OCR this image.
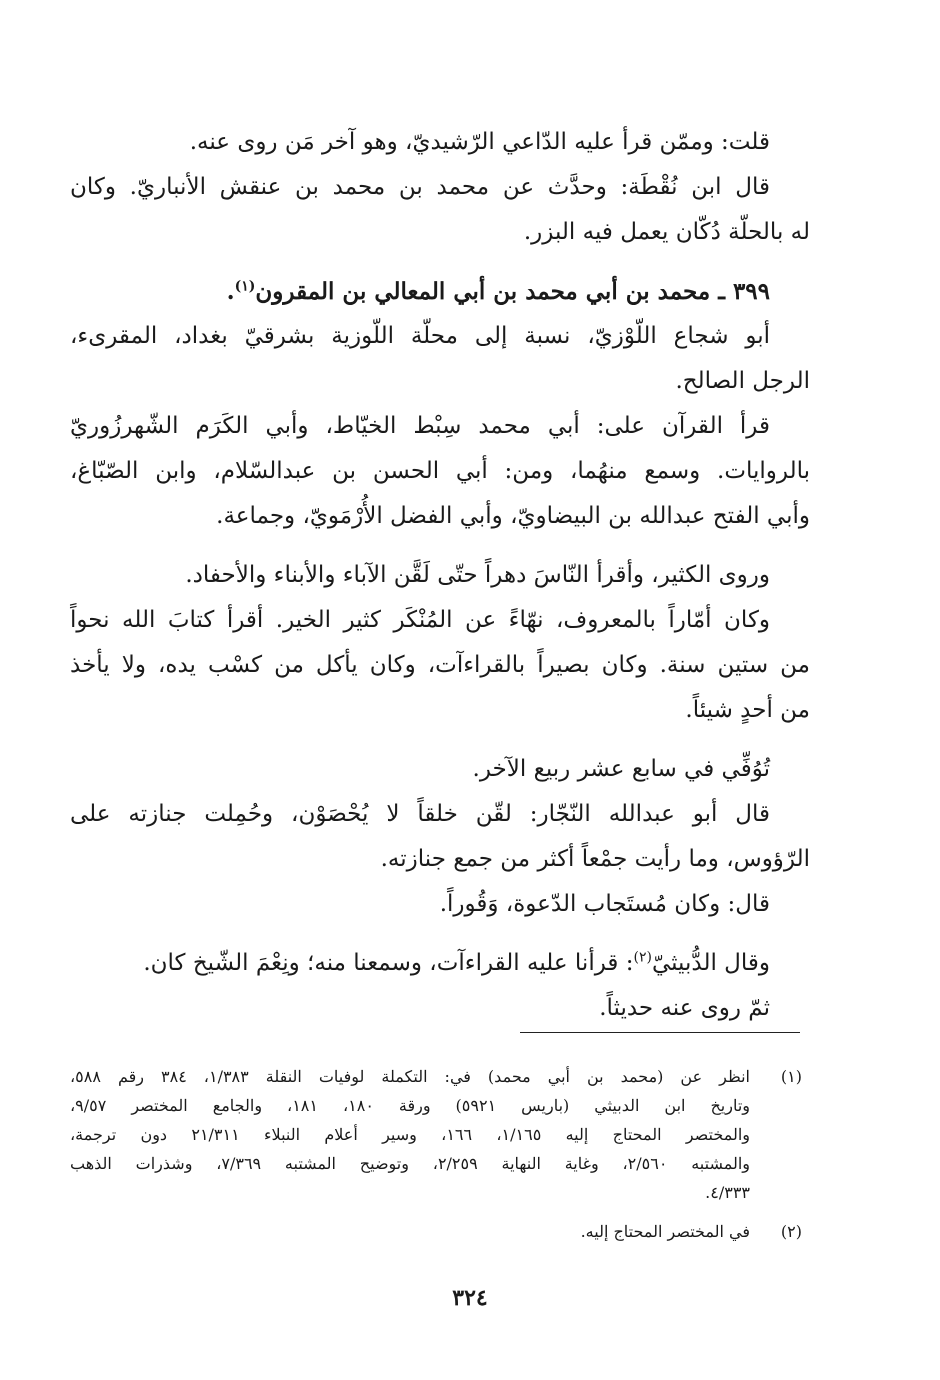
قلت: وممّن قرأ عليه الدّاعي الرّشيديّ، وهو آخر مَن روى عنه.
قال ابن نُقْطَة: وحدَّث عن محمد بن محمد بن عنقش الأنباريّ. وكان
له بالحلّة دُكّان يعمل فيه البزر.
٣٩٩ ـ محمد بن أبي محمد بن أبي المعالي بن المقرون$^{(١)}$.
أبو شجاع اللّوْزيّ، نسبة إلى محلّة اللّوزية بشرقيّ بغداد، المقرىء،
الرجل الصالح.
قرأ القرآن على: أبي محمد سِبْط الخيّاط، وأبي الكَرَم الشّهرزُوريّ
بالروايات. وسمع منهُما، ومن: أبي الحسن بن عبدالسّلام، وابن الصّبّاغ،
وأبي الفتح عبدالله بن البيضاويّ، وأبي الفضل الأُرْمَويّ، وجماعة.
وروى الكثير، وأقرأ النّاسَ دهراً حتّى لَقَّن الآباء والأبناء والأحفاد.
وكان أمّاراً بالمعروف، نهّاءً عن المُنْكَر كثير الخير. أقرأ كتابَ الله نحواً
من ستين سنة. وكان بصيراً بالقراءآت، وكان يأكل من كسْب يده، ولا يأخذ
من أحدٍ شيئاً.
تُوُفِّي في سابع عشر ربيع الآخر.
قال أبو عبدالله النّجّار: لقّن خلقاً لا يُحْصَوْن، وحُمِلت جنازته على
الرّؤوس، وما رأيت جمْعاً أكثر من جمع جنازته.
قال: وكان مُستَجاب الدّعوة، وَقُوراً.
وقال الدُّبيثيّ$^{(٢)}$: قرأنا عليه القراءآت، وسمعنا منه؛ ونِعْمَ الشّيخ كان.
ثمّ روى عنه حديثاً.
(١)
انظر عن (محمد بن أبي محمد) في: التكملة لوفيات النقلة ١/٣٨٣، ٣٨٤ رقم ٥٨٨،
وتاريخ ابن الدبيثي (باريس ٥٩٢١) ورقة ١٨٠، ١٨١، والجامع المختصر ٩/٥٧،
والمختصر المحتاج إليه ١/١٦٥، ١٦٦، وسير أعلام النبلاء ٢١/٣١١ دون ترجمة،
والمشتبه ٢/٥٦٠، وغاية النهاية ٢/٢٥٩، وتوضيح المشتبه ٧/٣٦٩، وشذرات الذهب
٤/٣٣٣.
(٢)
في المختصر المحتاج إليه.
٣٢٤
